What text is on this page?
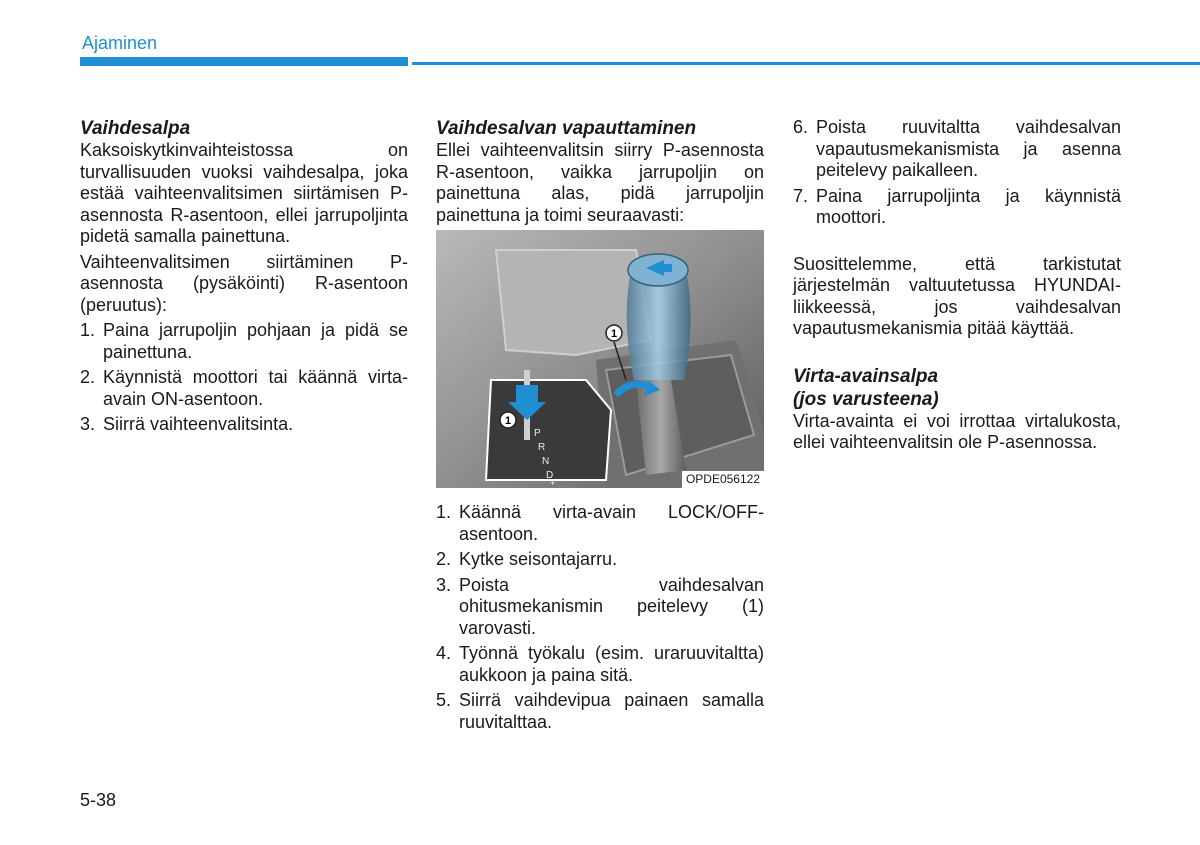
Ajaminen
Vaihdesalpa

Kaksoiskytkinvaihteistossa on turvallisuuden vuoksi vaihdesalpa, joka estää vaihteenvalitsimen siirtämisen P-asennosta R-asentoon, ellei jarrupoljinta pidetä samalla painettuna.

Vaihteenvalitsimen siirtäminen P-asennosta (pysäköinti) R-asentoon (peruutus):

1. Paina jarrupoljin pohjaan ja pidä se painettuna.
2. Käynnistä moottori tai käännä virta-avain ON-asentoon.
3. Siirrä vaihteenvalitsinta.
Vaihdesalvan vapauttaminen

Ellei vaihteenvalitsin siirry P-asennosta R-asentoon, vaikka jarrupoljin on painettuna alas, pidä jarrupoljin painettuna ja toimi seuraavasti:

1
1
P
R
N
D
+	OPDE056122
1. Käännä virta-avain LOCK/OFF-asentoon.
2. Kytke seisontajarru.
3. Poista vaihdesalvan ohitusmekanismin peitelevy (1) varovasti.
4. Työnnä työkalu (esim. uraruuvitaltta) aukkoon ja paina sitä.
5. Siirrä vaihdevipua painaen samalla ruuvitalttaa.
6. Poista ruuvitaltta vaihdesalvan vapautusmekanismista ja asenna peitelevy paikalleen.
7. Paina jarrupoljinta ja käynnistä moottori.

Suosittelemme, että tarkistutat järjestelmän valtuutetussa HYUNDAI-liikkeessä, jos vaihdesalvan vapautusmekanismia pitää käyttää.

Virta-avainsalpa
(jos varusteena)

Virta-avainta ei voi irrottaa virtalukosta, ellei vaihteenvalitsin ole P-asennossa.

5-38
